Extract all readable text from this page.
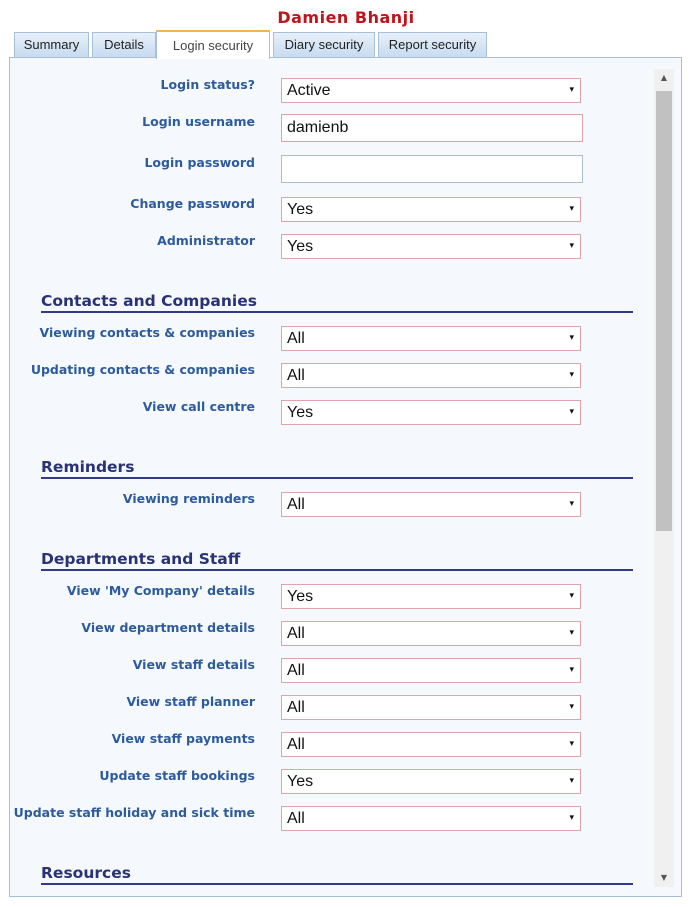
Damien Bhanji
Summary	Details	Login security	Diary security	Report security
Login status?	Active	▾
Login username	damienb
Login password
Change password	Yes	▾
Administrator	Yes	▾
Contacts and Companies
Viewing contacts & companies	All	▾
Updating contacts & companies	All	▾
View call centre	Yes	▾
Reminders
Viewing reminders	All	▾
Departments and Staff
View 'My Company' details	Yes	▾
View department details	All	▾
View staff details	All	▾
View staff planner	All	▾
View staff payments	All	▾
Update staff bookings	Yes	▾
Update staff holiday and sick time	All	▾
Resources
▲
▼
